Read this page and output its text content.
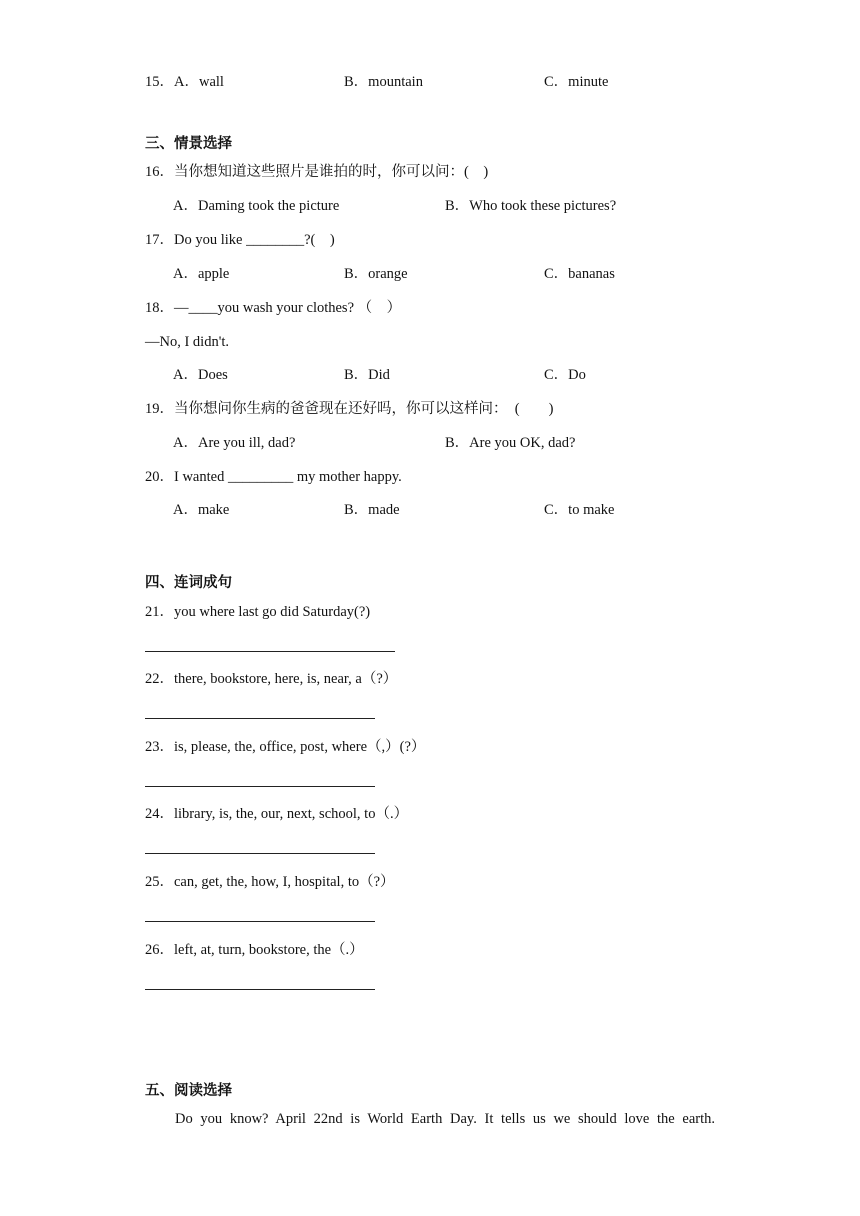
15．A．wall	B．mountain	C．minute
三、情景选择
16．当你想知道这些照片是谁拍的时，你可以问：(　)
A．Daming took the picture	B．Who took these pictures?
17．Do you like ________?(　)
A．apple	B．orange	C．bananas
18．—____you wash your clothes? （　）
—No, I didn't.
A．Does	B．Did	C．Do
19．当你想问你生病的爸爸现在还好吗，你可以这样问：　(　　)
A．Are you ill, dad?	B．Are you OK, dad?
20．I wanted _________ my mother happy.
A．make	B．made	C．to make
四、连词成句
21．you where last go did Saturday(?)
22．there, bookstore, here, is, near, a（?）
23．is, please, the, office, post, where（,）(?）
24．library, is, the, our, next, school, to（.）
25．can, get, the, how, I, hospital, to（?）
26．left, at, turn, bookstore, the（.）
五、阅读选择
Do you know? April 22nd is World Earth Day. It tells us we should love the earth.
